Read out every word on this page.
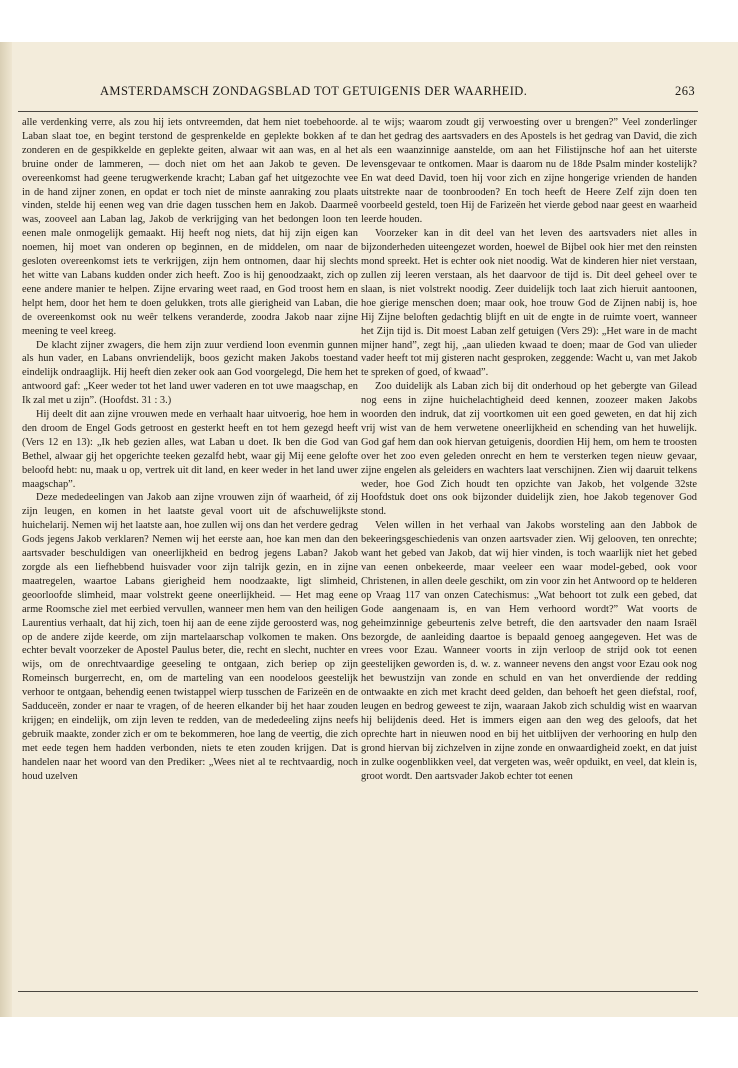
AMSTERDAMSCH ZONDAGSBLAD TOT GETUIGENIS DER WAARHEID.	263

alle verdenking verre, als zou hij iets ontvreemden, dat hem niet toebehoorde. Laban slaat toe, en begint terstond de gesprenkelde en geplekte bokken af te zonderen en de gespikkelde en geplekte geiten, alwaar wit aan was, en al het bruine onder de lammeren, — doch niet om het aan Jakob te geven. De overeenkomst had geene terugwerkende kracht; Laban gaf het uitgezochte vee in de hand zijner zonen, en opdat er toch niet de minste aanraking zou plaats vinden, stelde hij eenen weg van drie dagen tusschen hem en Jakob. Daarmeê was, zooveel aan Laban lag, Jakob de verkrijging van het bedongen loon ten eenen male onmogelijk gemaakt. Hij heeft nog niets, dat hij zijn eigen kan noemen, hij moet van onderen op beginnen, en de middelen, om naar de gesloten overeenkomst iets te verkrijgen, zijn hem ontnomen, daar hij slechts het witte van Labans kudden onder zich heeft. Zoo is hij genoodzaakt, zich op eene andere manier te helpen. Zijne ervaring weet raad, en God troost hem en helpt hem, door het hem te doen gelukken, trots alle gierigheid van Laban, die de overeenkomst ook nu weêr telkens veranderde, zoodra Jakob naar zijne meening te veel kreeg.

De klacht zijner zwagers, die hem zijn zuur verdiend loon evenmin gunnen als hun vader, en Labans onvriendelijk, boos gezicht maken Jakobs toestand eindelijk ondraaglijk. Hij heeft dien zeker ook aan God voorgelegd, Die hem het antwoord gaf: „Keer weder tot het land uwer vaderen en tot uwe maagschap, en Ik zal met u zijn”. (Hoofdst. 31 : 3.)

Hij deelt dit aan zijne vrouwen mede en verhaalt haar uitvoerig, hoe hem in den droom de Engel Gods getroost en gesterkt heeft en tot hem gezegd heeft (Vers 12 en 13): „Ik heb gezien alles, wat Laban u doet. Ik ben die God van Bethel, alwaar gij het opgerichte teeken gezalfd hebt, waar gij Mij eene gelofte beloofd hebt: nu, maak u op, vertrek uit dit land, en keer weder in het land uwer maagschap”.

Deze mededeelingen van Jakob aan zijne vrouwen zijn óf waarheid, óf zij zijn leugen, en komen in het laatste geval voort uit de afschuwelijkste huichelarij. Nemen wij het laatste aan, hoe zullen wij ons dan het verdere gedrag Gods jegens Jakob verklaren? Nemen wij het eerste aan, hoe kan men dan den aartsvader beschuldigen van oneerlijkheid en bedrog jegens Laban? Jakob zorgde als een liefhebbend huisvader voor zijn talrijk gezin, en in zijne maatregelen, waartoe Labans gierigheid hem noodzaakte, ligt slimheid, geoorloofde slimheid, maar volstrekt geene oneerlijkheid. — Het mag eene arme Roomsche ziel met eerbied vervullen, wanneer men hem van den heiligen Laurentius verhaalt, dat hij zich, toen hij aan de eene zijde geroosterd was, nog op de andere zijde keerde, om zijn martelaarschap volkomen te maken. Ons echter bevalt voorzeker de Apostel Paulus beter, die, recht en slecht, nuchter en wijs, om de onrechtvaardige geeseling te ontgaan, zich beriep op zijn Romeinsch burgerrecht, en, om de marteling van een noodeloos geestelijk verhoor te ontgaan, behendig eenen twistappel wierp tusschen de Farizeën en de Sadduceën, zonder er naar te vragen, of de heeren elkander bij het haar zouden krijgen; en eindelijk, om zijn leven te redden, van de mededeeling zijns neefs gebruik maakte, zonder zich er om te bekommeren, hoe lang de veertig, die zich met eede tegen hem hadden verbonden, niets te eten zouden krijgen. Dat is handelen naar het woord van den Prediker: „Wees niet al te rechtvaardig, noch houd uzelven

al te wijs; waarom zoudt gij verwoesting over u brengen?” Veel zonderlinger dan het gedrag des aartsvaders en des Apostels is het gedrag van David, die zich als een waanzinnige aanstelde, om aan het Filistijnsche hof aan het uiterste levensgevaar te ontkomen. Maar is daarom nu de 18de Psalm minder kostelijk? En wat deed David, toen hij voor zich en zijne hongerige vrienden de handen uitstrekte naar de toonbrooden? En toch heeft de Heere Zelf zijn doen ten voorbeeld gesteld, toen Hij de Farizeën het vierde gebod naar geest en waarheid leerde houden.

Voorzeker kan in dit deel van het leven des aartsvaders niet alles in bijzonderheden uiteengezet worden, hoewel de Bijbel ook hier met den reinsten mond spreekt. Het is echter ook niet noodig. Wat de kinderen hier niet verstaan, zullen zij leeren verstaan, als het daarvoor de tijd is. Dit deel geheel over te slaan, is niet volstrekt noodig. Zeer duidelijk toch laat zich hieruit aantoonen, hoe gierige menschen doen; maar ook, hoe trouw God de Zijnen nabij is, hoe Hij Zijne beloften gedachtig blijft en uit de engte in de ruimte voert, wanneer het Zijn tijd is. Dit moest Laban zelf getuigen (Vers 29): „Het ware in de macht mijner hand”, zegt hij, „aan ulieden kwaad te doen; maar de God van ulieder vader heeft tot mij gisteren nacht gesproken, zeggende: Wacht u, van met Jakob te spreken of goed, of kwaad”.

Zoo duidelijk als Laban zich bij dit onderhoud op het gebergte van Gilead nog eens in zijne huichelachtigheid deed kennen, zoozeer maken Jakobs woorden den indruk, dat zij voortkomen uit een goed geweten, en dat hij zich vrij wist van de hem verwetene oneerlijkheid en schending van het huwelijk. God gaf hem dan ook hiervan getuigenis, doordien Hij hem, om hem te troosten over het zoo even geleden onrecht en hem te versterken tegen nieuw gevaar, zijne engelen als geleiders en wachters laat verschijnen. Zien wij daaruit telkens weder, hoe God Zich houdt ten opzichte van Jakob, het volgende 32ste Hoofdstuk doet ons ook bijzonder duidelijk zien, hoe Jakob tegenover God stond.

Velen willen in het verhaal van Jakobs worsteling aan den Jabbok de bekeeringsgeschiedenis van onzen aartsvader zien. Wij gelooven, ten onrechte; want het gebed van Jakob, dat wij hier vinden, is toch waarlijk niet het gebed van eenen onbekeerde, maar veeleer een waar model-gebed, ook voor Christenen, in allen deele geschikt, om zin voor zin het Antwoord op te helderen op Vraag 117 van onzen Catechismus: „Wat behoort tot zulk een gebed, dat Gode aangenaam is, en van Hem verhoord wordt?” Wat voorts de geheimzinnige gebeurtenis zelve betreft, die den aartsvader den naam Israël bezorgde, de aanleiding daartoe is bepaald genoeg aangegeven. Het was de vrees voor Ezau. Wanneer voorts in zijn verloop de strijd ook tot eenen geestelijken geworden is, d. w. z. wanneer nevens den angst voor Ezau ook nog het bewustzijn van zonde en schuld en van het onverdiende der redding ontwaakte en zich met kracht deed gelden, dan behoeft het geen diefstal, roof, leugen en bedrog geweest te zijn, waaraan Jakob zich schuldig wist en waarvan hij belijdenis deed. Het is immers eigen aan den weg des geloofs, dat het oprechte hart in nieuwen nood en bij het uitblijven der verhooring en hulp den grond hiervan bij zichzelven in zijne zonde en onwaardigheid zoekt, en dat juist in zulke oogenblikken veel, dat vergeten was, weêr opduikt, en veel, dat klein is, groot wordt. Den aartsvader Jakob echter tot eenen
